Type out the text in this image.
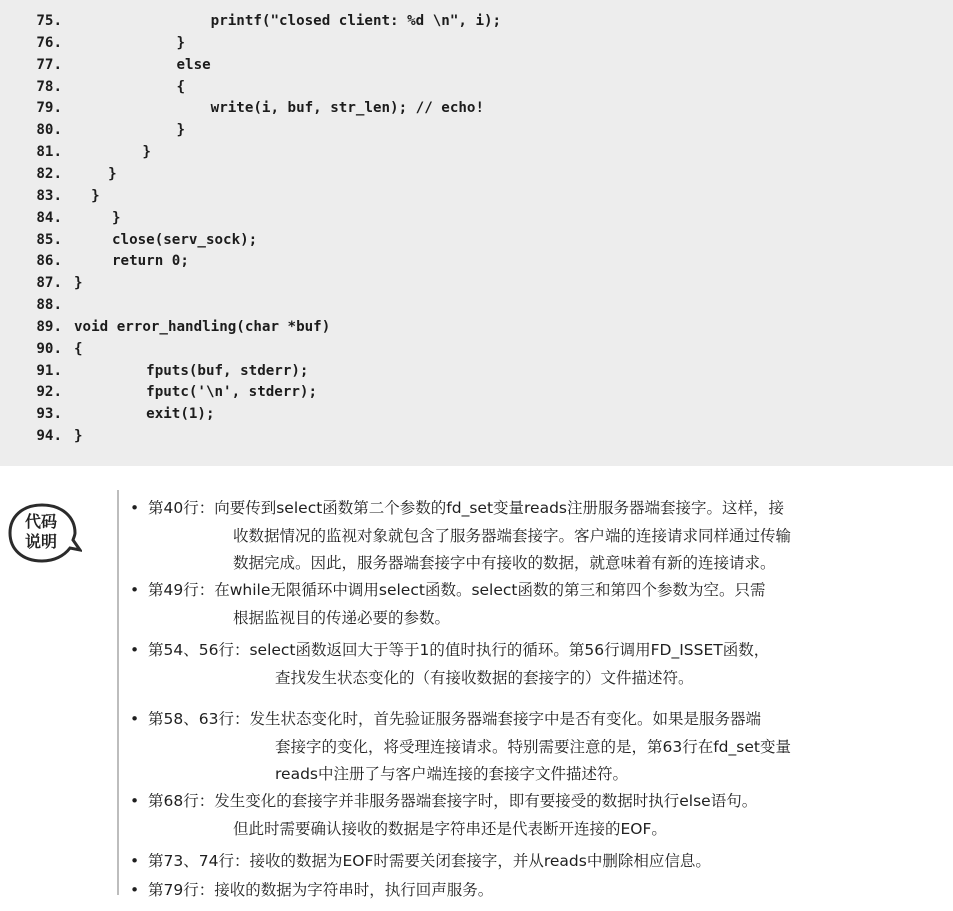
75.                printf("closed client: %d \n", i);
76.            }
77.            else
78.            {
79.                write(i, buf, str_len); // echo!
80.            }
81.        }
82.    }
83.  }
84.	}
85.	close(serv_sock);
86.	return 0;
87. }
88.
89. void error_handling(char *buf)
90. {
91.	fputs(buf, stderr);
92.	fputc('\n', stderr);
93.	exit(1);
94. }
代码
说明
• 第40行：向要传到select函数第二个参数的fd_set变量reads注册服务器端套接字。这样，接
收数据情况的监视对象就包含了服务器端套接字。客户端的连接请求同样通过传输
数据完成。因此，服务器端套接字中有接收的数据，就意味着有新的连接请求。
• 第49行：在while无限循环中调用select函数。select函数的第三和第四个参数为空。只需
根据监视目的传递必要的参数。
• 第54、56行：select函数返回大于等于1的值时执行的循环。第56行调用FD_ISSET函数，
查找发生状态变化的（有接收数据的套接字的）文件描述符。
• 第58、63行：发生状态变化时，首先验证服务器端套接字中是否有变化。如果是服务器端
套接字的变化，将受理连接请求。特别需要注意的是，第63行在fd_set变量
reads中注册了与客户端连接的套接字文件描述符。
• 第68行：发生变化的套接字并非服务器端套接字时，即有要接受的数据时执行else语句。
但此时需要确认接收的数据是字符串还是代表断开连接的EOF。
• 第73、74行：接收的数据为EOF时需要关闭套接字，并从reads中删除相应信息。
• 第79行：接收的数据为字符串时，执行回声服务。
